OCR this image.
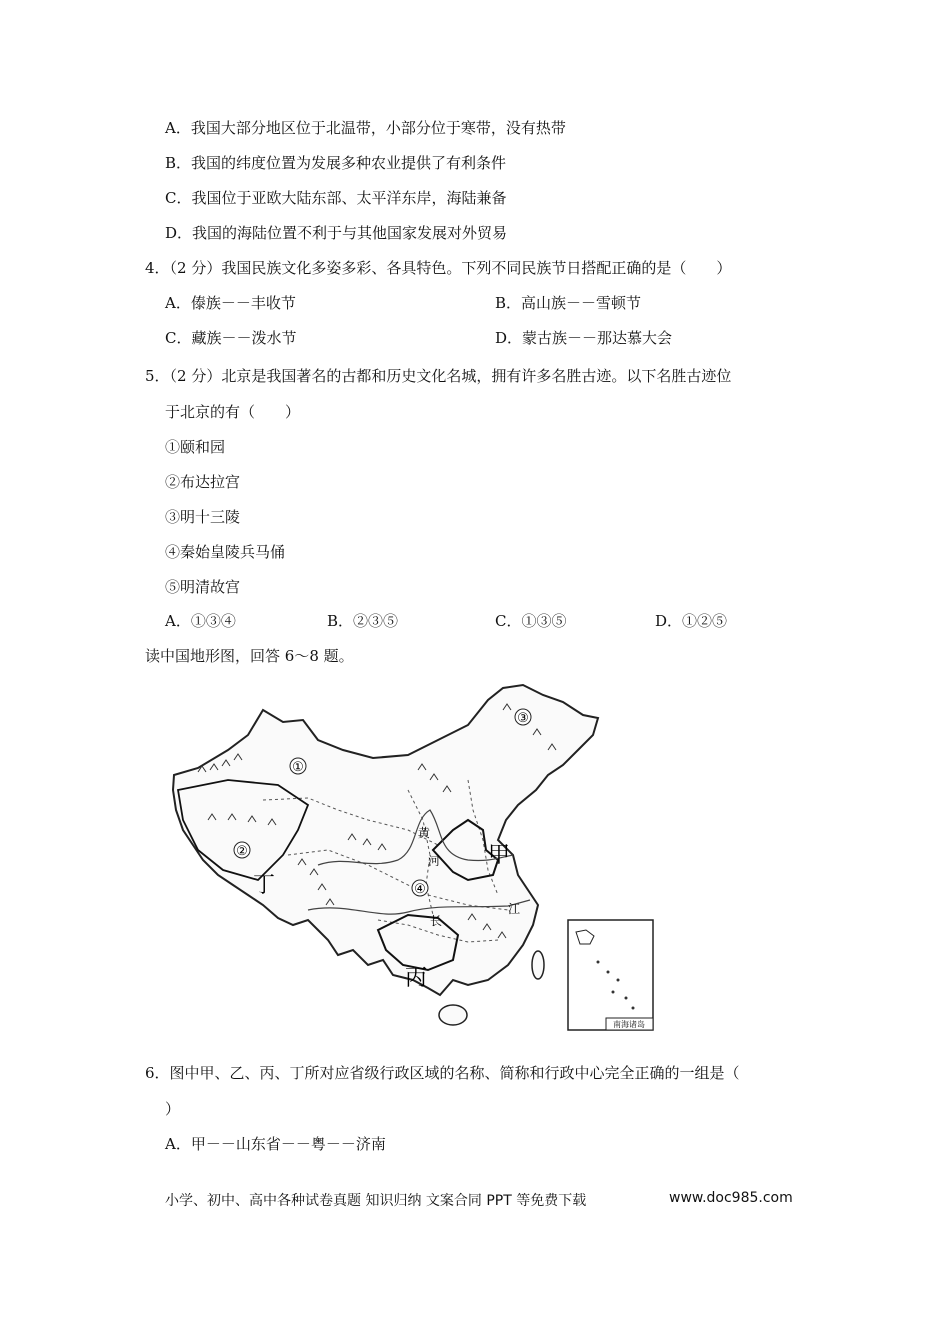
A．我国大部分地区位于北温带，小部分位于寒带，没有热带
B．我国的纬度位置为发展多种农业提供了有利条件
C．我国位于亚欧大陆东部、太平洋东岸，海陆兼备
D．我国的海陆位置不利于与其他国家发展对外贸易
4．（2 分）我国民族文化多姿多彩、各具特色。下列不同民族节日搭配正确的是（　　）
A．傣族－－丰收节	B．高山族－－雪顿节
C．藏族－－泼水节	D．蒙古族－－那达慕大会
5．（2 分）北京是我国著名的古都和历史文化名城，拥有许多名胜古迹。以下名胜古迹位
于北京的有（　　）
①颐和园
②布达拉宫
③明十三陵
④秦始皇陵兵马俑
⑤明清故宫
A．①③④	B．②③⑤	C．①③⑤	D．①②⑤
读中国地形图，回答 6～8 题。
南海诸岛
①
②
③
④
甲
丙
丁
黄
河
长
江
6．图中甲、乙、丙、丁所对应省级行政区域的名称、简称和行政中心完全正确的一组是（
）
A．甲－－山东省－－粤－－济南
小学、初中、高中各种试卷真题 知识归纳 文案合同 PPT 等免费下载	www.doc985.com
